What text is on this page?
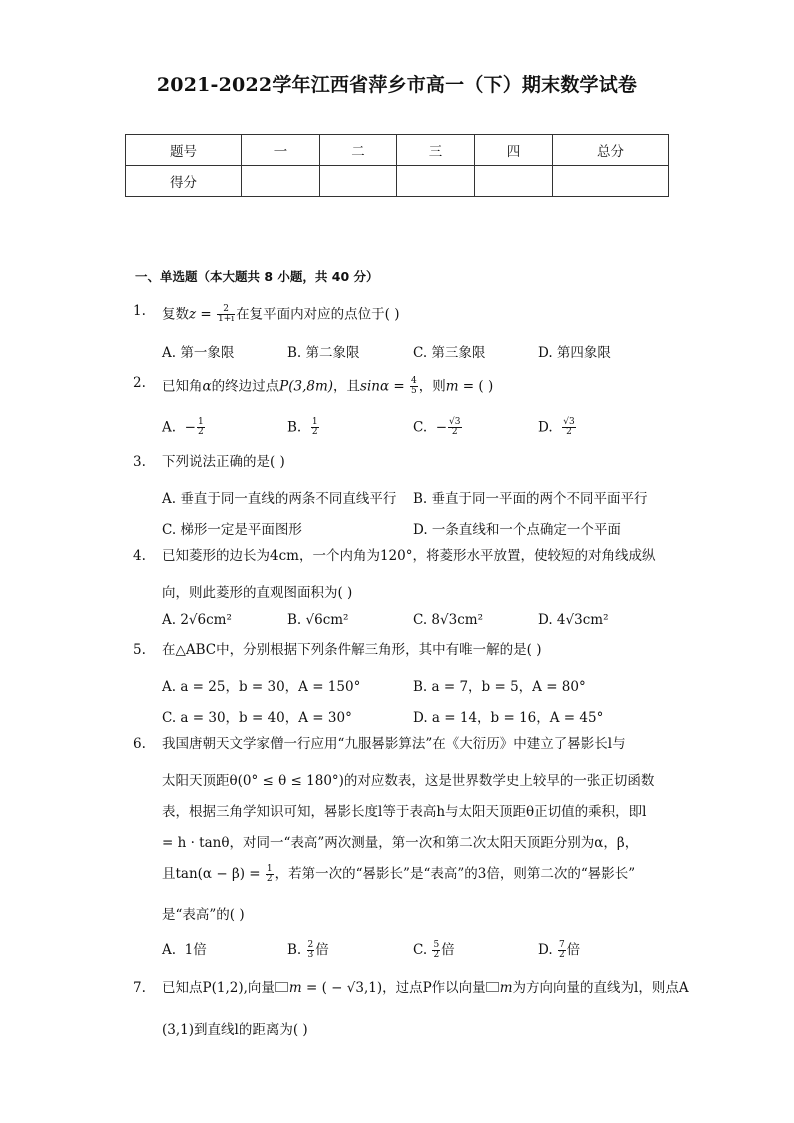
2021-2022学年江西省萍乡市高一（下）期末数学试卷
题号	一	二	三	四	总分
得分					
一、单选题（本大题共 8 小题，共 40 分）
1. 复数$z = \frac{2}{1+i}$ 在复平面内对应的点位于( )
A. 第一象限	B. 第二象限	C. 第三象限	D. 第四象限
2. 已知角α的终边过点P(3,8m)，且$\sin\alpha = \frac{4}{5}$ ，则m = ( )
A. − $\frac{1}{2}$	B. $\frac{1}{2}$	C. − $\frac{√3}{2}$	D. $\frac{√3}{2}$
3. 下列说法正确的是( )
A. 垂直于同一直线的两条不同直线平行 B. 垂直于同一平面的两个不同平面平行
C. 梯形一定是平面图形	D. 一条直线和一个点确定一个平面
4. 已知菱形的边长为4cm，一个内角为120°，将菱形水平放置，使较短的对角线成纵
向，则此菱形的直观图面积为( )
A. 2√6cm²	B. √6cm²	C. 8√3cm²	D. 4√3cm²
5. 在△ABC中，分别根据下列条件解三角形，其中有唯一解的是( )
A. a = 25，b = 30，A = 150°	B. a = 7，b = 5，A = 80°
C. a = 30，b = 40，A = 30°	D. a = 14，b = 16，A = 45°
6. 我国唐朝天文学家僧一行应用“九服晷影算法”在《大衍历》中建立了晷影长l与
太阳天顶距θ(0° ≤ θ ≤ 180°)的对应数表，这是世界数学史上较早的一张正切函数
表，根据三角学知识可知，晷影长度l等于表高h与太阳天顶距θ正切值的乘积，即l
= h · tanθ，对同一“表高”两次测量，第一次和第二次太阳天顶距分别为α，β，
且$\tan(\alpha - \beta) = \frac{1}{2}$ ，若第一次的“晷影长”是“表高”的3倍，则第二次的“晷影长”
是“表高”的( )
A. 1倍	B. $\frac{2}{3}$ 倍	C. $\frac{5}{2}$ 倍	D. $\frac{7}{2}$ 倍
7. 已知点P(1,2),向量 m = ( − √3,1)，过点P作以向量 m为方向向量的直线为l，则点A
(3,1)到直线l的距离为( )
